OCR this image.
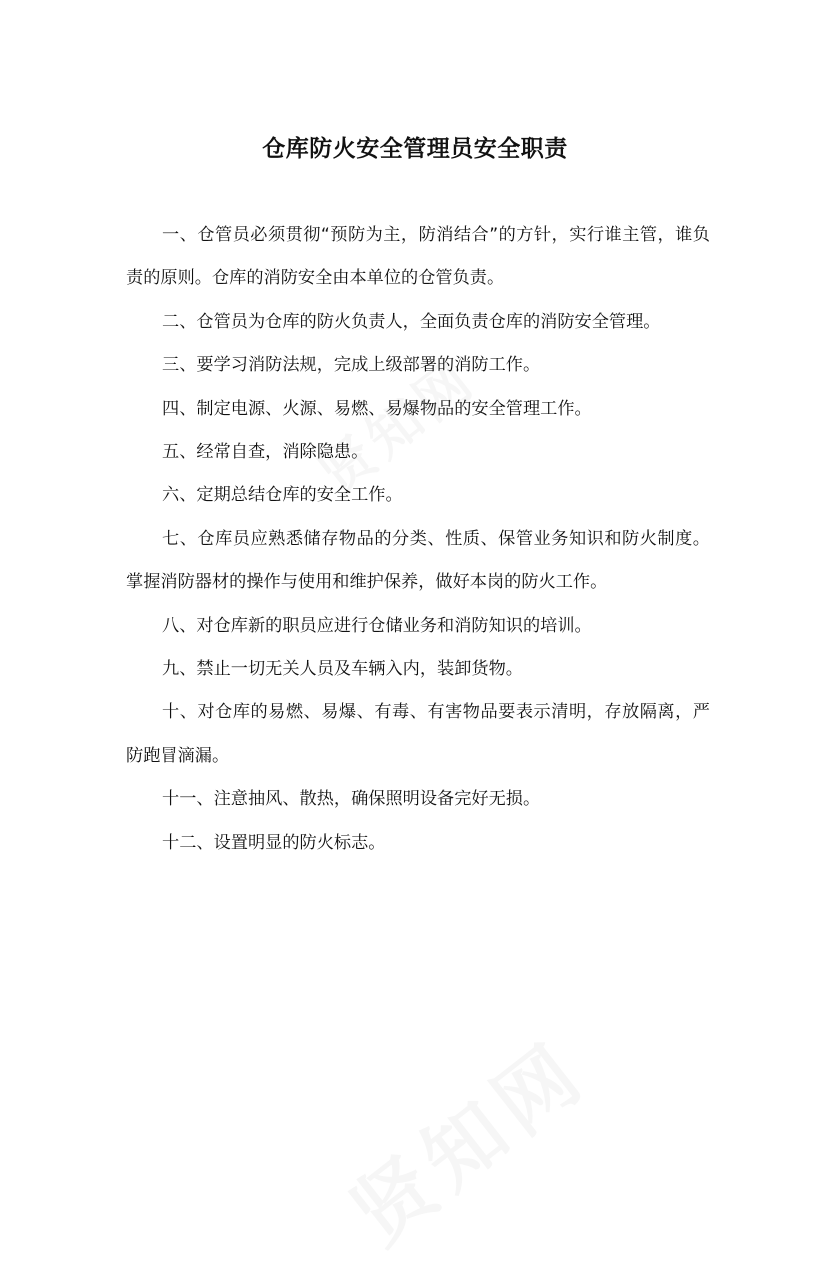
仓库防火安全管理员安全职责

一、仓管员必须贯彻“预防为主，防消结合”的方针，实行谁主管，谁负责的原则。仓库的消防安全由本单位的仓管负责。

二、仓管员为仓库的防火负责人，全面负责仓库的消防安全管理。

三、要学习消防法规，完成上级部署的消防工作。

四、制定电源、火源、易燃、易爆物品的安全管理工作。

五、经常自查，消除隐患。

六、定期总结仓库的安全工作。

七、仓库员应熟悉储存物品的分类、性质、保管业务知识和防火制度。掌握消防器材的操作与使用和维护保养，做好本岗的防火工作。

八、对仓库新的职员应进行仓储业务和消防知识的培训。

九、禁止一切无关人员及车辆入内，装卸货物。

十、对仓库的易燃、易爆、有毒、有害物品要表示清明，存放隔离，严防跑冒滴漏。

十一、注意抽风、散热，确保照明设备完好无损。

十二、设置明显的防火标志。
